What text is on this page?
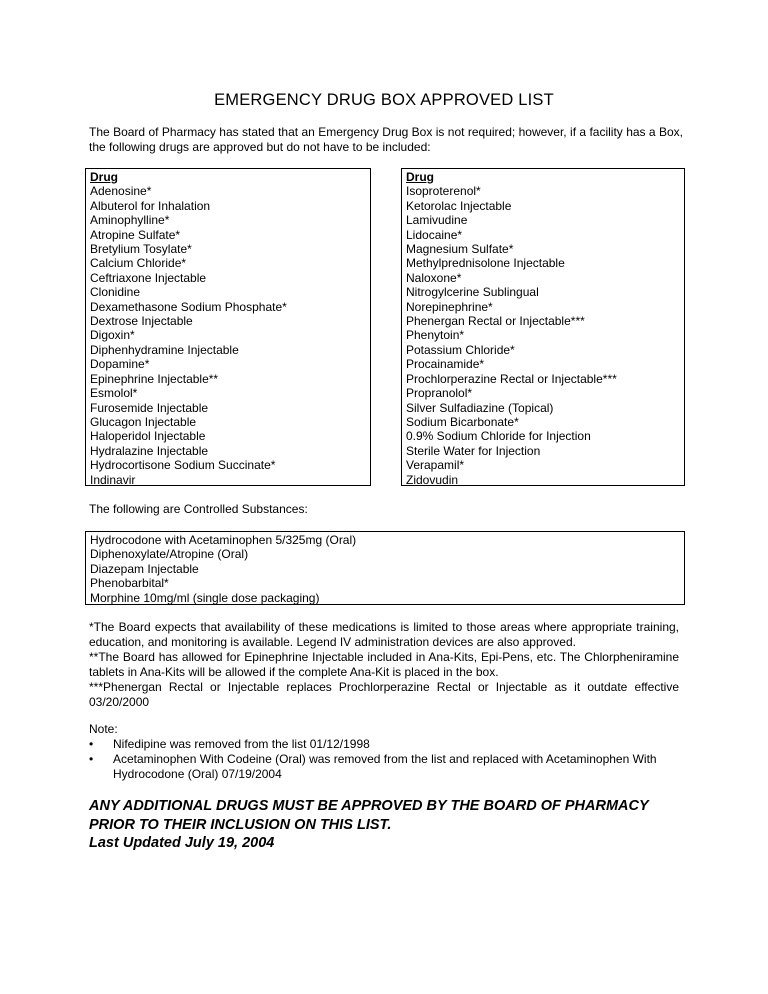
EMERGENCY DRUG BOX APPROVED LIST
The Board of Pharmacy has stated that an Emergency Drug Box is not required; however, if a facility has a Box, the following drugs are approved but do not have to be included:
Drug
Adenosine*
Albuterol for Inhalation
Aminophylline*
Atropine Sulfate*
Bretylium Tosylate*
Calcium Chloride*
Ceftriaxone Injectable
Clonidine
Dexamethasone Sodium Phosphate*
Dextrose Injectable
Digoxin*
Diphenhydramine Injectable
Dopamine*
Epinephrine Injectable**
Esmolol*
Furosemide Injectable
Glucagon Injectable
Haloperidol Injectable
Hydralazine Injectable
Hydrocortisone Sodium Succinate*
Indinavir
Drug
Isoproterenol*
Ketorolac Injectable
Lamivudine
Lidocaine*
Magnesium Sulfate*
Methylprednisolone Injectable
Naloxone*
Nitrogylcerine Sublingual
Norepinephrine*
Phenergan Rectal or Injectable***
Phenytoin*
Potassium Chloride*
Procainamide*
Prochlorperazine Rectal or Injectable***
Propranolol*
Silver Sulfadiazine (Topical)
Sodium Bicarbonate*
0.9% Sodium Chloride for Injection
Sterile Water for Injection
Verapamil*
Zidovudin
The following are Controlled Substances:
Hydrocodone with Acetaminophen 5/325mg (Oral)
Diphenoxylate/Atropine (Oral)
Diazepam Injectable
Phenobarbital*
Morphine 10mg/ml (single dose packaging)

*The Board expects that availability of these medications is limited to those areas where appropriate training, education, and monitoring is available. Legend IV administration devices are also approved.

**The Board has allowed for Epinephrine Injectable included in Ana-Kits, Epi-Pens, etc. The Chlorpheniramine tablets in Ana-Kits will be allowed if the complete Ana-Kit is placed in the box.

***Phenergan Rectal or Injectable replaces Prochlorperazine Rectal or Injectable as it outdate effective 03/20/2000

Note:
• Nifedipine was removed from the list 01/12/1998
• Acetaminophen With Codeine (Oral) was removed from the list and replaced with Acetaminophen With Hydrocodone (Oral) 07/19/2004
ANY ADDITIONAL DRUGS MUST BE APPROVED BY THE BOARD OF PHARMACY PRIOR TO THEIR INCLUSION ON THIS LIST.
Last Updated July 19, 2004
